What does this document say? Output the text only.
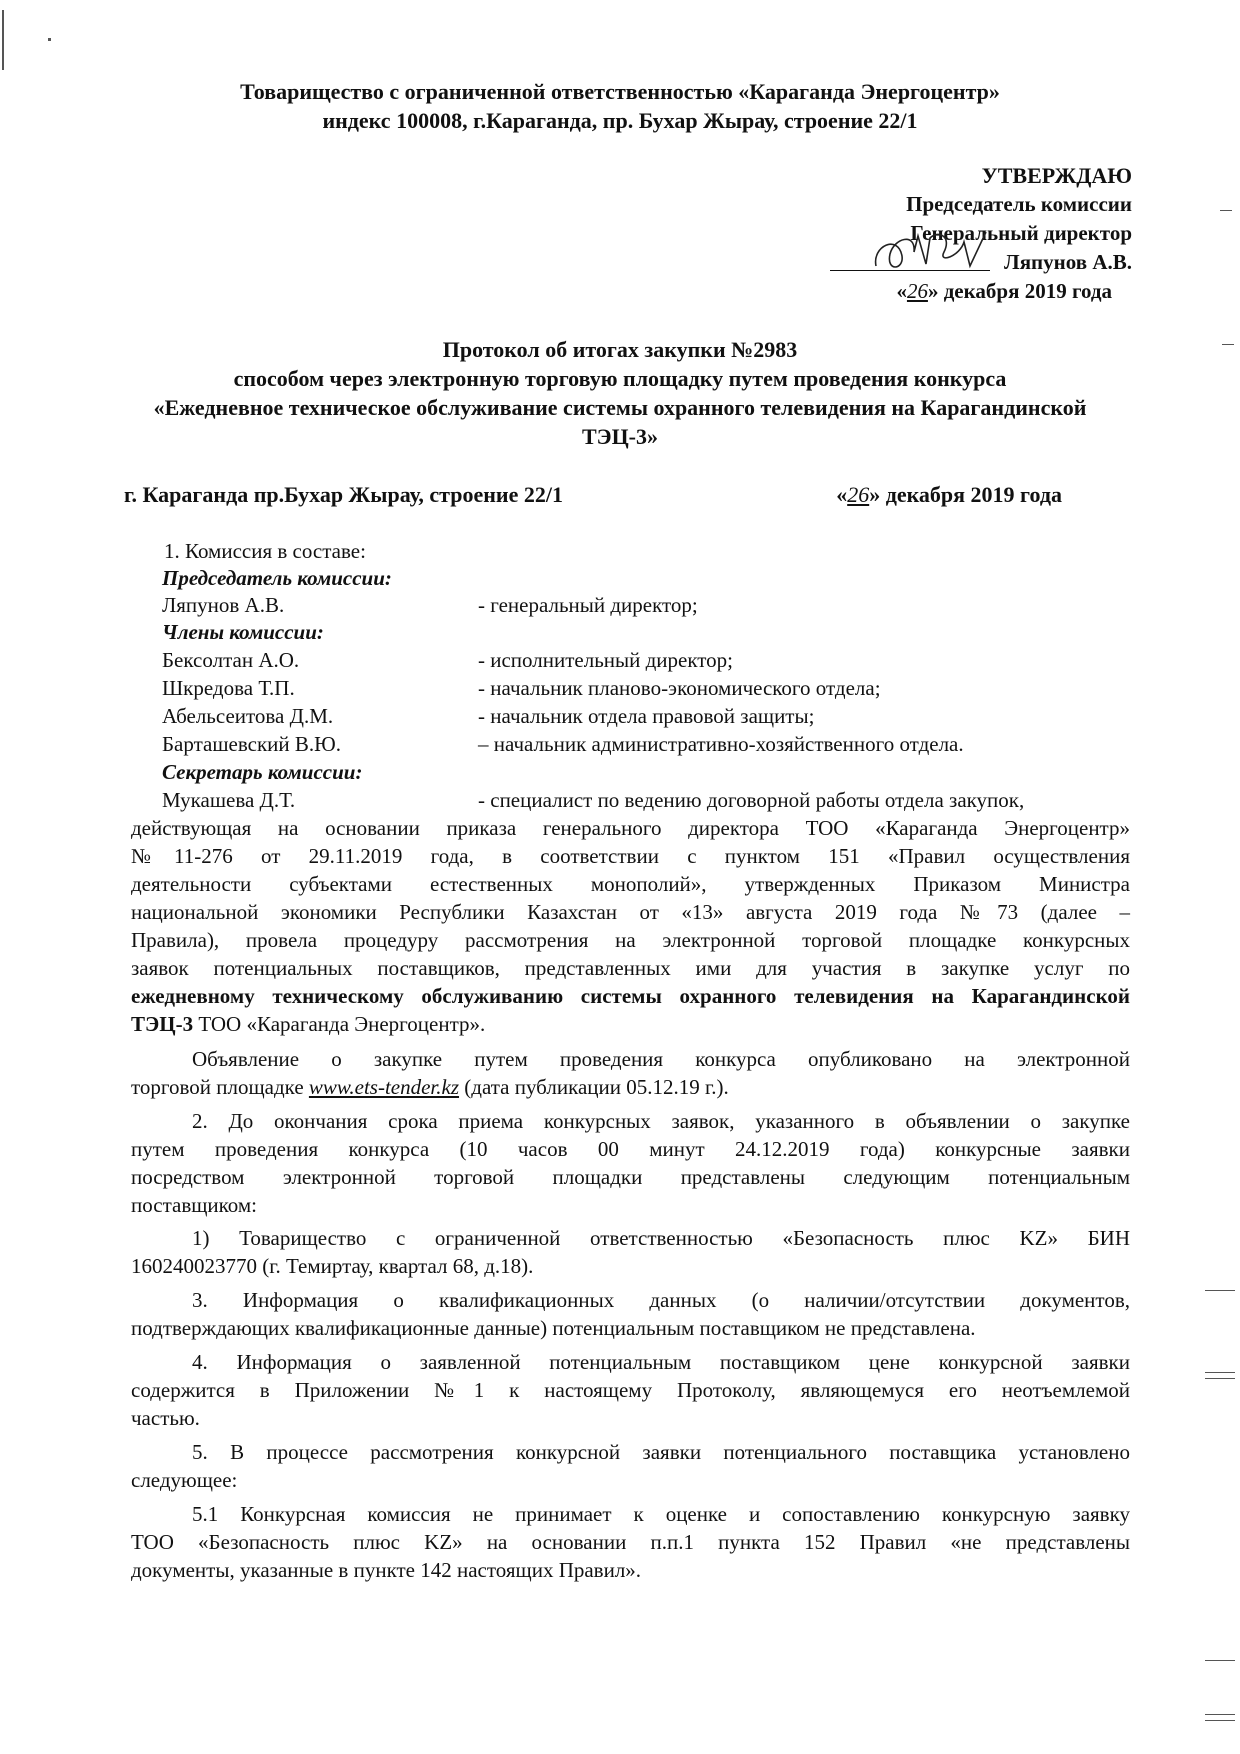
Товарищество с ограниченной ответственностью «Караганда Энергоцентр»
индекс 100008, г.Караганда, пр. Бухар Жырау, строение 22/1
УТВЕРЖДАЮ
Председатель комиссии
Генеральный директор
Ляпунов А.В.
«26» декабря 2019 года
Протокол об итогах закупки №2983
способом через электронную торговую площадку путем проведения конкурса
«Ежедневное техническое обслуживание системы охранного телевидения на Карагандинской
ТЭЦ-3»
г. Караганда пр.Бухар Жырау, строение 22/1	«26» декабря 2019 года
1. Комиссия в составе:
Председатель комиссии:
Ляпунов А.В.	- генеральный директор;
Члены комиссии:
Бексолтан А.О.	- исполнительный директор;
Шкредова Т.П.	- начальник планово-экономического отдела;
Абельсеитова Д.М.	- начальник отдела правовой защиты;
Барташевский В.Ю.	– начальник административно-хозяйственного отдела.
Секретарь комиссии:
Мукашева Д.Т.	- специалист по ведению договорной работы отдела закупок,
действующая на основании приказа генерального директора ТОО «Караганда Энергоцентр»
№11-276 от 29.11.2019 года, в соответствии с пунктом 151 «Правил осуществления
деятельности субъектами естественных монополий», утвержденных Приказом Министра
национальной экономики Республики Казахстан от «13» августа 2019 года №73 (далее –
Правила), провела процедуру рассмотрения на электронной торговой площадке конкурсных
заявок потенциальных поставщиков, представленных ими для участия в закупке услуг по
ежедневному техническому обслуживанию системы охранного телевидения на Карагандинской
ТЭЦ-3 ТОО «Караганда Энергоцентр».
Объявление о закупке путем проведения конкурса опубликовано на электронной
торговой площадке www.ets-tender.kz (дата публикации 05.12.19 г.).
2. До окончания срока приема конкурсных заявок, указанного в объявлении о закупке
путем проведения конкурса (10 часов 00 минут 24.12.2019 года) конкурсные заявки
посредством электронной торговой площадки представлены следующим потенциальным
поставщиком:
1) Товарищество с ограниченной ответственностью «Безопасность плюс KZ» БИН
160240023770 (г. Темиртау, квартал 68, д.18).
3. Информация о квалификационных данных (о наличии/отсутствии документов,
подтверждающих квалификационные данные) потенциальным поставщиком не представлена.
4. Информация о заявленной потенциальным поставщиком цене конкурсной заявки
содержится в Приложении №1 к настоящему Протоколу, являющемуся его неотъемлемой
частью.
5. В процессе рассмотрения конкурсной заявки потенциального поставщика установлено
следующее:
5.1 Конкурсная комиссия не принимает к оценке и сопоставлению конкурсную заявку
ТОО «Безопасность плюс KZ» на основании п.п.1 пункта 152 Правил «не представлены
документы, указанные в пункте 142 настоящих Правил».
